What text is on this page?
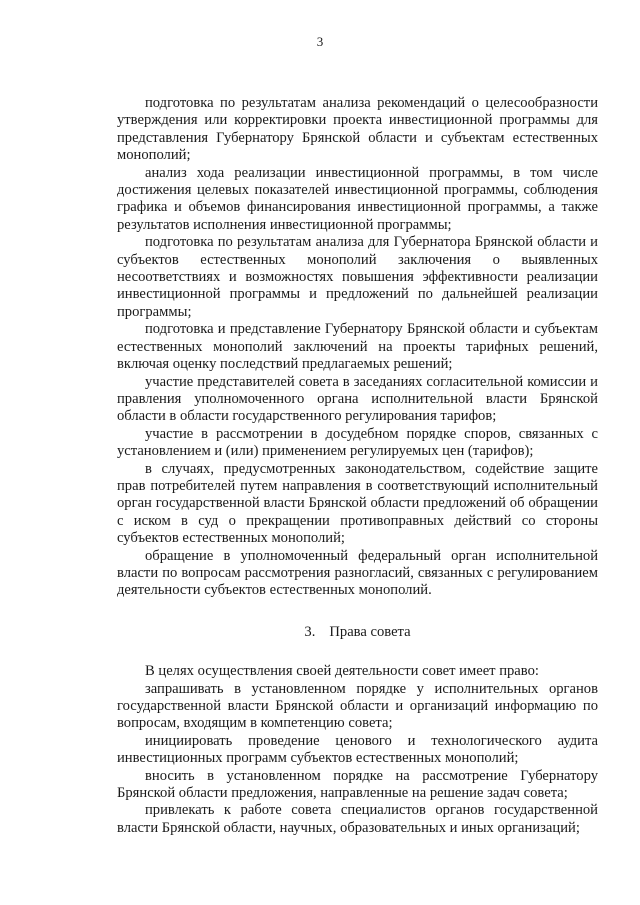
3

подготовка по результатам анализа рекомендаций о целесообразности утверждения или корректировки проекта инвестиционной программы для представления Губернатору Брянской области и субъектам естественных монополий;

анализ хода реализации инвестиционной программы, в том числе достижения целевых показателей инвестиционной программы, соблюдения графика и объемов финансирования инвестиционной программы, а также результатов исполнения инвестиционной программы;

подготовка по результатам анализа для Губернатора Брянской области и субъектов естественных монополий заключения о выявленных несоответствиях и возможностях повышения эффективности реализации инвестиционной программы и предложений по дальнейшей реализации программы;

подготовка и представление Губернатору Брянской области и субъектам естественных монополий заключений на проекты тарифных решений, включая оценку последствий предлагаемых решений;

участие представителей совета в заседаниях согласительной комиссии и правления уполномоченного органа исполнительной власти Брянской области в области государственного регулирования тарифов;

участие в рассмотрении в досудебном порядке споров, связанных с установлением и (или) применением регулируемых цен (тарифов);

в случаях, предусмотренных законодательством, содействие защите прав потребителей путем направления в соответствующий исполнительный орган государственной власти Брянской области предложений об обращении с иском в суд о прекращении противоправных действий со стороны субъектов естественных монополий;

обращение в уполномоченный федеральный орган исполнительной власти по вопросам рассмотрения разногласий, связанных с регулированием деятельности субъектов естественных монополий.

3. Права совета

В целях осуществления своей деятельности совет имеет право:

запрашивать в установленном порядке у исполнительных органов государственной власти Брянской области и организаций информацию по вопросам, входящим в компетенцию совета;

инициировать проведение ценового и технологического аудита инвестиционных программ субъектов естественных монополий;

вносить в установленном порядке на рассмотрение Губернатору Брянской области предложения, направленные на решение задач совета;

привлекать к работе совета специалистов органов государственной власти Брянской области, научных, образовательных и иных организаций;
